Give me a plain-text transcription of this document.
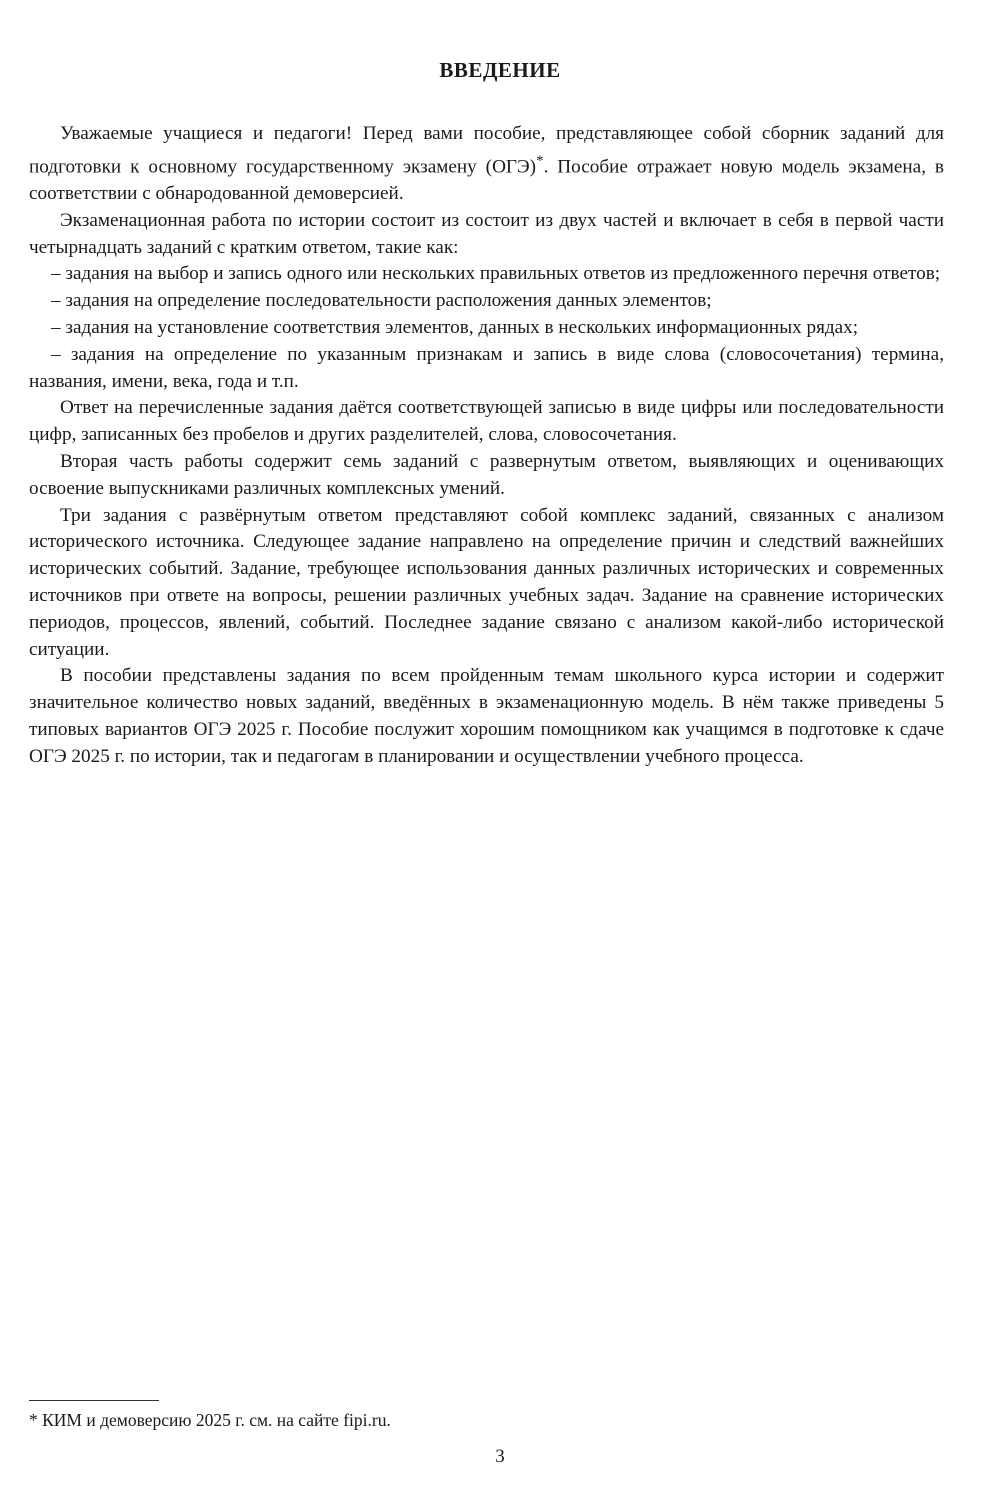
ВВЕДЕНИЕ

Уважаемые учащиеся и педагоги! Перед вами пособие, представляющее собой сборник заданий для подготовки к основному государственному экзамену (ОГЭ)*. Пособие отражает новую модель экзамена, в соответствии с обнародованной демоверсией.

Экзаменационная работа по истории состоит из состоит из двух частей и включает в себя в первой части четырнадцать заданий с кратким ответом, такие как:

– задания на выбор и запись одного или нескольких правильных ответов из предложенного перечня ответов;

– задания на определение последовательности расположения данных элементов;

– задания на установление соответствия элементов, данных в нескольких информационных рядах;

– задания на определение по указанным признакам и запись в виде слова (словосочетания) термина, названия, имени, века, года и т.п.

Ответ на перечисленные задания даётся соответствующей записью в виде цифры или последовательности цифр, записанных без пробелов и других разделителей, слова, словосочетания.

Вторая часть работы содержит семь заданий с развернутым ответом, выявляющих и оценивающих освоение выпускниками различных комплексных умений.

Три задания с развёрнутым ответом представляют собой комплекс заданий, связанных с анализом исторического источника. Следующее задание направлено на определение причин и следствий важнейших исторических событий. Задание, требующее использования данных различных исторических и современных источников при ответе на вопросы, решении различных учебных задач. Задание на сравнение исторических периодов, процессов, явлений, событий. Последнее задание связано с анализом какой-либо исторической ситуации.

В пособии представлены задания по всем пройденным темам школьного курса истории и содержит значительное количество новых заданий, введённых в экзаменационную модель. В нём также приведены 5 типовых вариантов ОГЭ 2025 г. Пособие послужит хорошим помощником как учащимся в подготовке к сдаче ОГЭ 2025 г. по истории, так и педагогам в планировании и осуществлении учебного процесса.

* КИМ и демоверсию 2025 г. см. на сайте fipi.ru.
3
